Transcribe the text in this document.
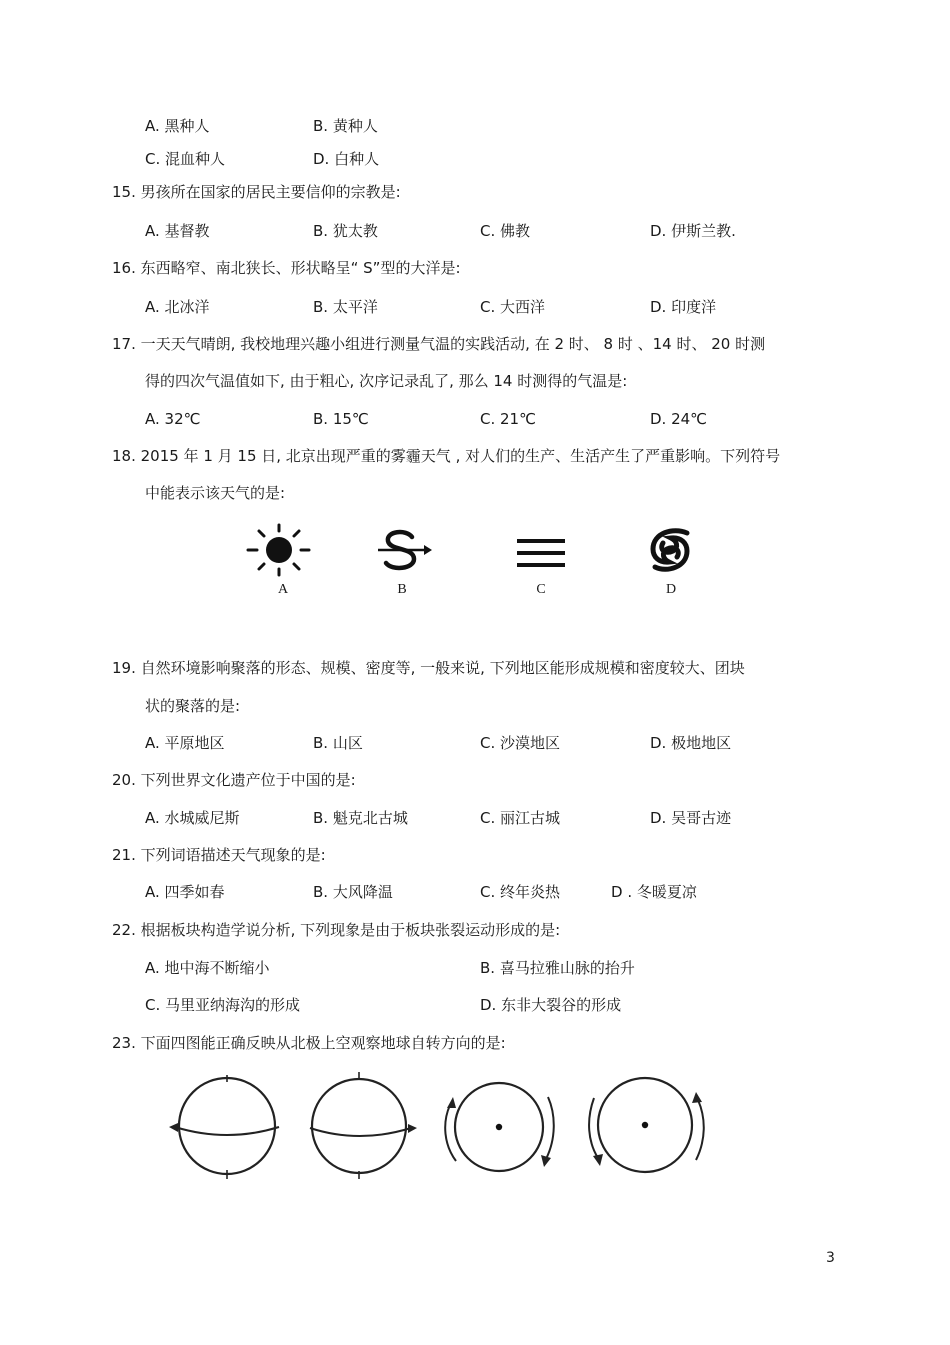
A. 黑种人	B. 黄种人
C. 混血种人	D. 白种人
15. 男孩所在国家的居民主要信仰的宗教是:
A. 基督教	B. 犹太教	C. 佛教	D. 伊斯兰教.
16. 东西略窄、南北狭长、形状略呈“ S”型的大洋是:
A. 北冰洋	B. 太平洋	C. 大西洋	D. 印度洋
17. 一天天气晴朗, 我校地理兴趣小组进行测量气温的实践活动, 在 2 时、 8 时 、14 时、 20 时测
得的四次气温值如下, 由于粗心, 次序记录乱了, 那么 14 时测得的气温是:
A. 32℃	B. 15℃	C. 21℃	D. 24℃
18. 2015 年 1 月 15 日, 北京出现严重的雾霾天气 , 对人们的生产、生活产生了严重影响。下列符号
中能表示该天气的是:
A	B	C	D
19. 自然环境影响聚落的形态、规模、密度等, 一般来说, 下列地区能形成规模和密度较大、团块
状的聚落的是:
A. 平原地区	B. 山区	C. 沙漠地区	D. 极地地区
20. 下列世界文化遗产位于中国的是:
A. 水城威尼斯	B. 魁克北古城	C. 丽江古城	D. 吴哥古迹
21. 下列词语描述天气现象的是:
A. 四季如春	B. 大风降温	C. 终年炎热	D . 冬暖夏凉
22. 根据板块构造学说分析, 下列现象是由于板块张裂运动形成的是:
A. 地中海不断缩小	B. 喜马拉雅山脉的抬升
C. 马里亚纳海沟的形成	D. 东非大裂谷的形成
23. 下面四图能正确反映从北极上空观察地球自转方向的是:
3
